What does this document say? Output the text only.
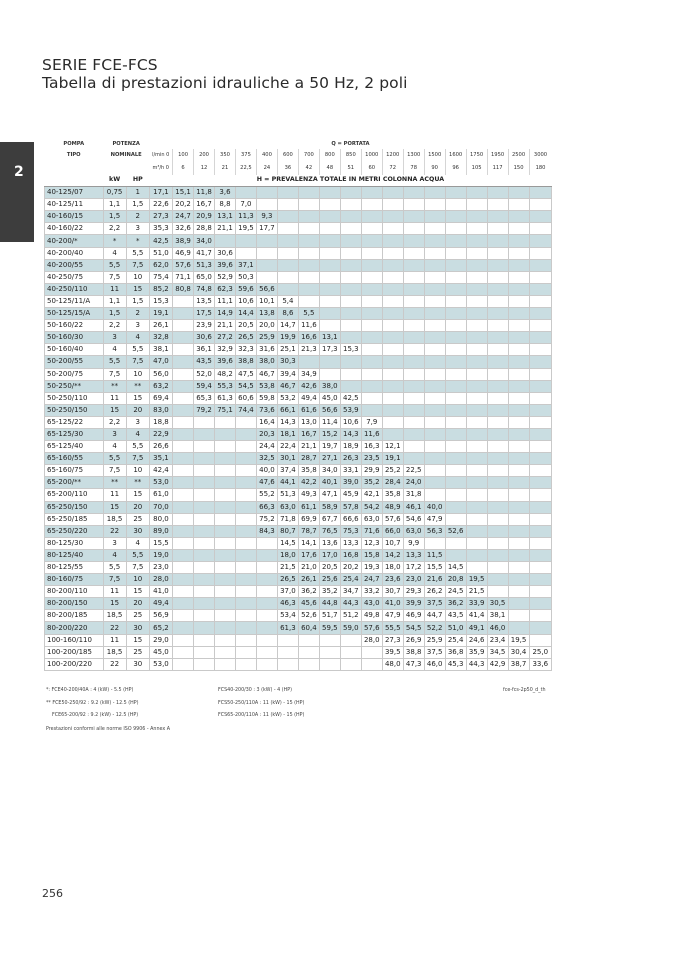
2
SERIE FCE-FCS
Tabella di prestazioni idrauliche a 50 Hz, 2 poli
POMPA	POTENZA		Q = PORTATA																		
TIPO	NOMINALE		l/min 0	100	200	350	375	400	600	700	800	850	1000	1200	1300	1500	1600	1750	1950	2500	3000
			m³/h 0	6	12	21	22,5	24	36	42	48	51	60	72	78	90	96	105	117	150	180
	kW	HP	H = PREVALENZA TOTALE IN METRI COLONNA ACQUA																		
40-125/07	0,75	1	17,1	15,1	11,8	3,6															
40-125/11	1,1	1,5	22,6	20,2	16,7	8,8	7,0														
40-160/15	1,5	2	27,3	24,7	20,9	13,1	11,3	9,3													
40-160/22	2,2	3	35,3	32,6	28,8	21,1	19,5	17,7													
40-200/*	*	*	42,5	38,9	34,0																
40-200/40	4	5,5	51,0	46,9	41,7	30,6															
40-200/55	5,5	7,5	62,0	57,6	51,3	39,6	37,1														
40-250/75	7,5	10	75,4	71,1	65,0	52,9	50,3														
40-250/110	11	15	85,2	80,8	74,8	62,3	59,6	56,6													
50-125/11/A	1,1	1,5	15,3		13,5	11,1	10,6	10,1	5,4												
50-125/15/A	1,5	2	19,1		17,5	14,9	14,4	13,8	8,6	5,5											
50-160/22	2,2	3	26,1		23,9	21,1	20,5	20,0	14,7	11,6											
50-160/30	3	4	32,8		30,6	27,2	26,5	25,9	19,9	16,6	13,1										
50-160/40	4	5,5	38,1		36,1	32,9	32,3	31,6	25,1	21,3	17,3	15,3									
50-200/55	5,5	7,5	47,0		43,5	39,6	38,8	38,0	30,3												
50-200/75	7,5	10	56,0		52,0	48,2	47,5	46,7	39,4	34,9											
50-250/**	**	**	63,2		59,4	55,3	54,5	53,8	46,7	42,6	38,0										
50-250/110	11	15	69,4		65,3	61,3	60,6	59,8	53,2	49,4	45,0	42,5									
50-250/150	15	20	83,0		79,2	75,1	74,4	73,6	66,1	61,6	56,6	53,9									
65-125/22	2,2	3	18,8					16,4	14,3	13,0	11,4	10,6	7,9								
65-125/30	3	4	22,9					20,3	18,1	16,7	15,2	14,3	11,6								
65-125/40	4	5,5	26,6					24,4	22,4	21,1	19,7	18,9	16,3	12,1							
65-160/55	5,5	7,5	35,1					32,5	30,1	28,7	27,1	26,3	23,5	19,1							
65-160/75	7,5	10	42,4					40,0	37,4	35,8	34,0	33,1	29,9	25,2	22,5						
65-200/**	**	**	53,0					47,6	44,1	42,2	40,1	39,0	35,2	28,4	24,0						
65-200/110	11	15	61,0					55,2	51,3	49,3	47,1	45,9	42,1	35,8	31,8						
65-250/150	15	20	70,0					66,3	63,0	61,1	58,9	57,8	54,2	48,9	46,1	40,0					
65-250/185	18,5	25	80,0					75,2	71,8	69,9	67,7	66,6	63,0	57,6	54,6	47,9					
65-250/220	22	30	89,0					84,3	80,7	78,7	76,5	75,3	71,6	66,0	63,0	56,3	52,6				
80-125/30	3	4	15,5						14,5	14,1	13,6	13,3	12,3	10,7	9,9						
80-125/40	4	5,5	19,0						18,0	17,6	17,0	16,8	15,8	14,2	13,3	11,5					
80-125/55	5,5	7,5	23,0						21,5	21,0	20,5	20,2	19,3	18,0	17,2	15,5	14,5				
80-160/75	7,5	10	28,0						26,5	26,1	25,6	25,4	24,7	23,6	23,0	21,6	20,8	19,5			
80-200/110	11	15	41,0						37,0	36,2	35,2	34,7	33,2	30,7	29,3	26,2	24,5	21,5			
80-200/150	15	20	49,4						46,3	45,6	44,8	44,3	43,0	41,0	39,9	37,5	36,2	33,9	30,5		
80-200/185	18,5	25	56,9						53,4	52,6	51,7	51,2	49,8	47,9	46,9	44,7	43,5	41,4	38,1		
80-200/220	22	30	65,2						61,3	60,4	59,5	59,0	57,6	55,5	54,5	52,2	51,0	49,1	46,0		
100-160/110	11	15	29,0										28,0	27,3	26,9	25,9	25,4	24,6	23,4	19,5	
100-200/185	18,5	25	45,0											39,5	38,8	37,5	36,8	35,9	34,5	30,4	25,0
100-200/220	22	30	53,0											48,0	47,3	46,0	45,3	44,3	42,9	38,7	33,6
*: FCE40-200/40A : 4 (kW) - 5.5 (HP)	FCS40-200/30 : 3 (kW) - 4 (HP)
** FCE50-250/92 : 9.2 (kW) - 12.5 (HP)	FCS50-250/110A : 11 (kW) - 15 (HP)
FCE65-200/92 : 9.2 (kW) - 12.5 (HP)	FCS65-200/110A : 11 (kW) - 15 (HP)
Prestazioni conformi alle norme ISO 9906 - Annex A
fce-fcs-2p50_d_th
256
